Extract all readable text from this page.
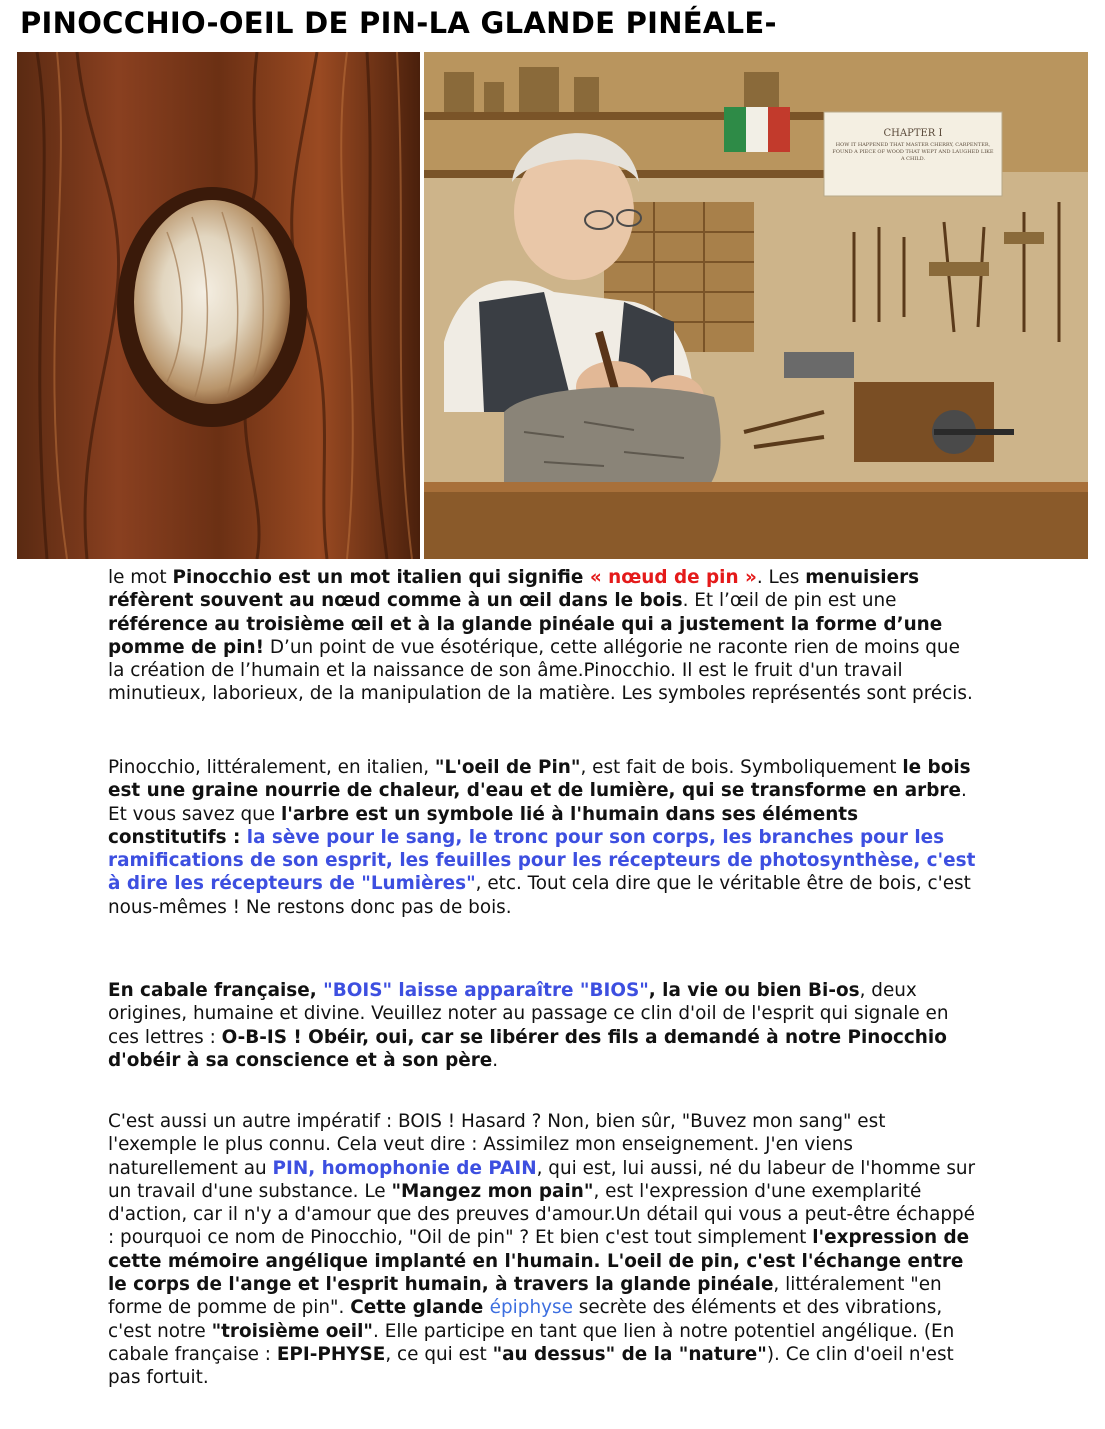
PINOCCHIO-OEIL DE PIN-LA GLANDE PINÉALE-
CHAPTER I
HOW IT HAPPENED THAT MASTER CHERRY, CARPENTER, FOUND A PIECE OF WOOD THAT WEPT AND LAUGHED LIKE A CHILD.

le mot Pinocchio est un mot italien qui signifie « nœud de pin ». Les menuisiers réfèrent souvent au nœud comme à un œil dans le bois. Et l’œil de pin est une référence au troisième œil et à la glande pinéale qui a justement la forme d’une pomme de pin! D’un point de vue ésotérique, cette allégorie ne raconte rien de moins que la création de l’humain et la naissance de son âme.Pinocchio. Il est le fruit d'un travail minutieux, laborieux, de la manipulation de la matière. Les symboles représentés sont précis.

Pinocchio, littéralement, en italien, "L'oeil de Pin", est fait de bois. Symboliquement le bois est une graine nourrie de chaleur, d'eau et de lumière, qui se transforme en arbre. Et vous savez que l'arbre est un symbole lié à l'humain dans ses éléments constitutifs : la sève pour le sang, le tronc pour son corps, les branches pour les ramifications de son esprit, les feuilles pour les récepteurs de photosynthèse, c'est à dire les récepteurs de "Lumières", etc. Tout cela dire que le véritable être de bois, c'est nous-mêmes ! Ne restons donc pas de bois.

En cabale française, "BOIS" laisse apparaître "BIOS", la vie ou bien Bi-os, deux origines, humaine et divine. Veuillez noter au passage ce clin d'oil de l'esprit qui signale en ces lettres : O-B-IS ! Obéir, oui, car se libérer des fils a demandé à notre Pinocchio d'obéir à sa conscience et à son père.

C'est aussi un autre impératif : BOIS ! Hasard ? Non, bien sûr, "Buvez mon sang" est l'exemple le plus connu. Cela veut dire : Assimilez mon enseignement. J'en viens naturellement au PIN, homophonie de PAIN, qui est, lui aussi, né du labeur de l'homme sur un travail d'une substance. Le "Mangez mon pain", est l'expression d'une exemplarité d'action, car il n'y a d'amour que des preuves d'amour.Un détail qui vous a peut-être échappé : pourquoi ce nom de Pinocchio, "Oil de pin" ? Et bien c'est tout simplement l'expression de cette mémoire angélique implanté en l'humain. L'oeil de pin, c'est l'échange entre le corps de l'ange et l'esprit humain, à travers la glande pinéale, littéralement "en forme de pomme de pin". Cette glande épiphyse secrète des éléments et des vibrations, c'est notre "troisième oeil". Elle participe en tant que lien à notre potentiel angélique. (En cabale française : EPI-PHYSE, ce qui est "au dessus" de la "nature"). Ce clin d'oeil n'est pas fortuit.
